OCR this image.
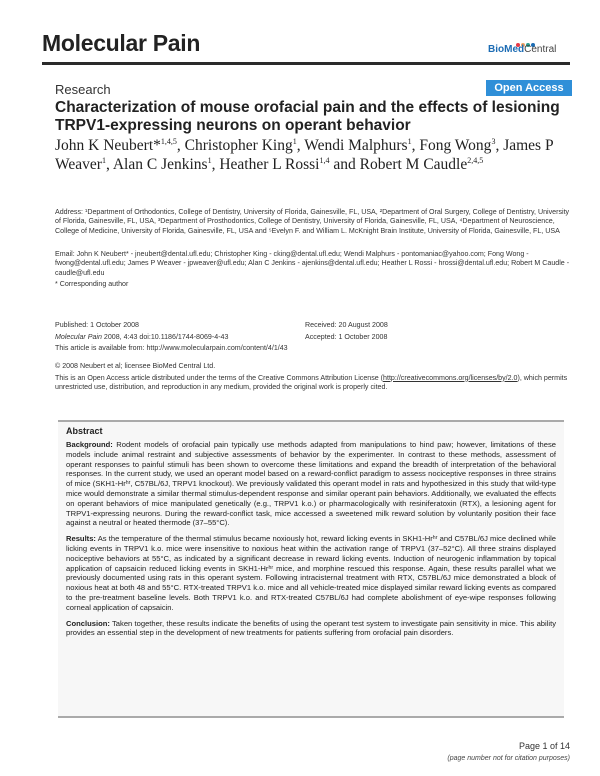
Molecular Pain	BioMedCentral
Research	Open Access
Characterization of mouse orofacial pain and the effects of lesioning TRPV1-expressing neurons on operant behavior
John K Neubert*$^{1,4,5}$, Christopher King$^1$, Wendi Malphurs$^1$, Fong Wong$^3$, James P Weaver$^1$, Alan C Jenkins$^1$, Heather L Rossi$^{1,4}$ and Robert M Caudle$^{2,4,5}$
Address: ¹Department of Orthodontics, College of Dentistry, University of Florida, Gainesville, FL, USA, ²Department of Oral Surgery, College of Dentistry, University of Florida, Gainesville, FL, USA, ³Department of Prosthodontics, College of Dentistry, University of Florida, Gainesville, FL, USA, ⁴Department of Neuroscience, College of Medicine, University of Florida, Gainesville, FL, USA and ⁵Evelyn F. and William L. McKnight Brain Institute, University of Florida, Gainesville, FL, USA
Email: John K Neubert* - jneubert@dental.ufl.edu; Christopher King - cking@dental.ufl.edu; Wendi Malphurs - pontomaniac@yahoo.com; Fong Wong - fwong@dental.ufl.edu; James P Weaver - jpweaver@ufl.edu; Alan C Jenkins - ajenkins@dental.ufl.edu; Heather L Rossi - hrossi@dental.ufl.edu; Robert M Caudle - caudle@ufl.edu
* Corresponding author
Published: 1 October 2008
Molecular Pain 2008, 4:43 doi:10.1186/1744-8069-4-43
This article is available from: http://www.molecularpain.com/content/4/1/43
Received: 20 August 2008
Accepted: 1 October 2008
© 2008 Neubert et al; licensee BioMed Central Ltd.
This is an Open Access article distributed under the terms of the Creative Commons Attribution License (http://creativecommons.org/licenses/by/2.0), which permits unrestricted use, distribution, and reproduction in any medium, provided the original work is properly cited.
Abstract

Background: Rodent models of orofacial pain typically use methods adapted from manipulations to hind paw; however, limitations of these models include animal restraint and subjective assessments of behavior by the experimenter. In contrast to these methods, assessment of operant responses to painful stimuli has been shown to overcome these limitations and expand the breadth of interpretation of the behavioral responses. In the current study, we used an operant model based on a reward-conflict paradigm to assess nociceptive responses in three strains of mice (SKH1-Hrʰʳ, C57BL/6J, TRPV1 knockout). We previously validated this operant model in rats and hypothesized in this study that wild-type mice would demonstrate a similar thermal stimulus-dependent response and similar operant pain behaviors. Additionally, we evaluated the effects on operant behaviors of mice manipulated genetically (e.g., TRPV1 k.o.) or pharmacologically with resiniferatoxin (RTX), a lesioning agent for TRPV1-expressing neurons. During the reward-conflict task, mice accessed a sweetened milk reward solution by voluntarily position their face against a neutral or heated thermode (37–55°C).

Results: As the temperature of the thermal stimulus became noxiously hot, reward licking events in SKH1-Hrʰʳ and C57BL/6J mice declined while licking events in TRPV1 k.o. mice were insensitive to noxious heat within the activation range of TRPV1 (37–52°C). All three strains displayed nociceptive behaviors at 55°C, as indicated by a significant decrease in reward licking events. Induction of neurogenic inflammation by topical application of capsaicin reduced licking events in SKH1-Hrʰʳ mice, and morphine rescued this response. Again, these results parallel what we previously documented using rats in this operant system. Following intracisternal treatment with RTX, C57BL/6J mice demonstrated a block of noxious heat at both 48 and 55°C. RTX-treated TRPV1 k.o. mice and all vehicle-treated mice displayed similar reward licking events as compared to the pre-treatment baseline levels. Both TRPV1 k.o. and RTX-treated C57BL/6J had complete abolishment of eye-wipe responses following corneal application of capsaicin.

Conclusion: Taken together, these results indicate the benefits of using the operant test system to investigate pain sensitivity in mice. This ability provides an essential step in the development of new treatments for patients suffering from orofacial pain disorders.

Page 1 of 14
(page number not for citation purposes)
